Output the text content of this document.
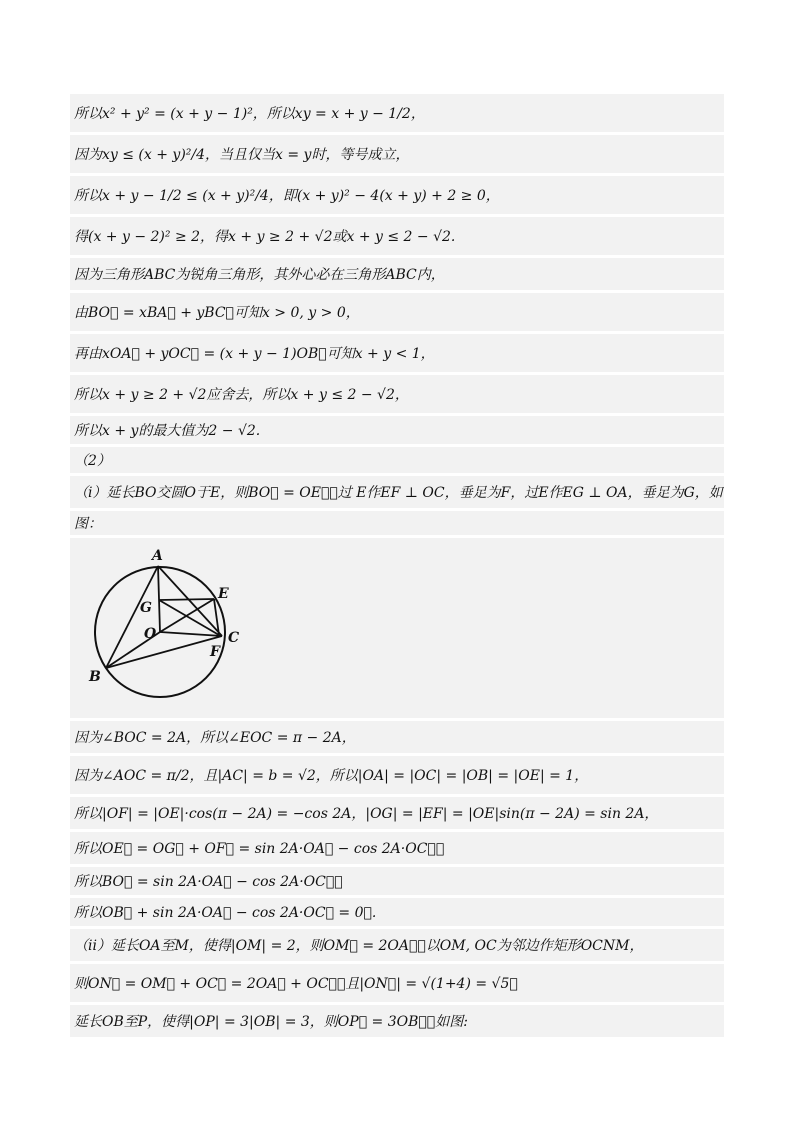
所以x² + y² = (x + y − 1)²，所以xy = x + y − 1/2，
因为xy ≤ (x + y)²/4，当且仅当x = y时，等号成立，
所以x + y − 1/2 ≤ (x + y)²/4，即(x + y)² − 4(x + y) + 2 ≥ 0，
得(x + y − 2)² ≥ 2，得x + y ≥ 2 + √2或x + y ≤ 2 − √2.
因为三角形ABC为锐角三角形，其外心必在三角形ABC内，
由BO⃗ = xBA⃗ + yBC⃗可知x > 0, y > 0，
再由xOA⃗ + yOC⃗ = (x + y − 1)OB⃗可知x + y < 1，
所以x + y ≥ 2 + √2应舍去，所以x + y ≤ 2 − √2，
所以x + y的最大值为2 − √2.
（2）
（i）延长BO交圆O于E，则BO⃗ = OE⃗，过 E作EF ⊥ OC，垂足为F，过E作EG ⊥ OA，垂足为G，如
图：
A
B
C
E
F
G
O
因为∠BOC = 2A，所以∠EOC = π − 2A，
因为∠AOC = π/2，且|AC| = b = √2，所以|OA| = |OC| = |OB| = |OE| = 1，
所以|OF| = |OE|·cos(π − 2A) = −cos 2A，|OG| = |EF| = |OE|sin(π − 2A) = sin 2A，
所以OE⃗ = OG⃗ + OF⃗ = sin 2A·OA⃗ − cos 2A·OC⃗，
所以BO⃗ = sin 2A·OA⃗ − cos 2A·OC⃗，
所以OB⃗ + sin 2A·OA⃗ − cos 2A·OC⃗ = 0⃗.
（ii）延长OA至M，使得|OM| = 2，则OM⃗ = 2OA⃗，以OM, OC为邻边作矩形OCNM，
则ON⃗ = OM⃗ + OC⃗ = 2OA⃗ + OC⃗，且|ON⃗| = √(1+4) = √5，
延长OB至P，使得|OP| = 3|OB| = 3，则OP⃗ = 3OB⃗，如图:
